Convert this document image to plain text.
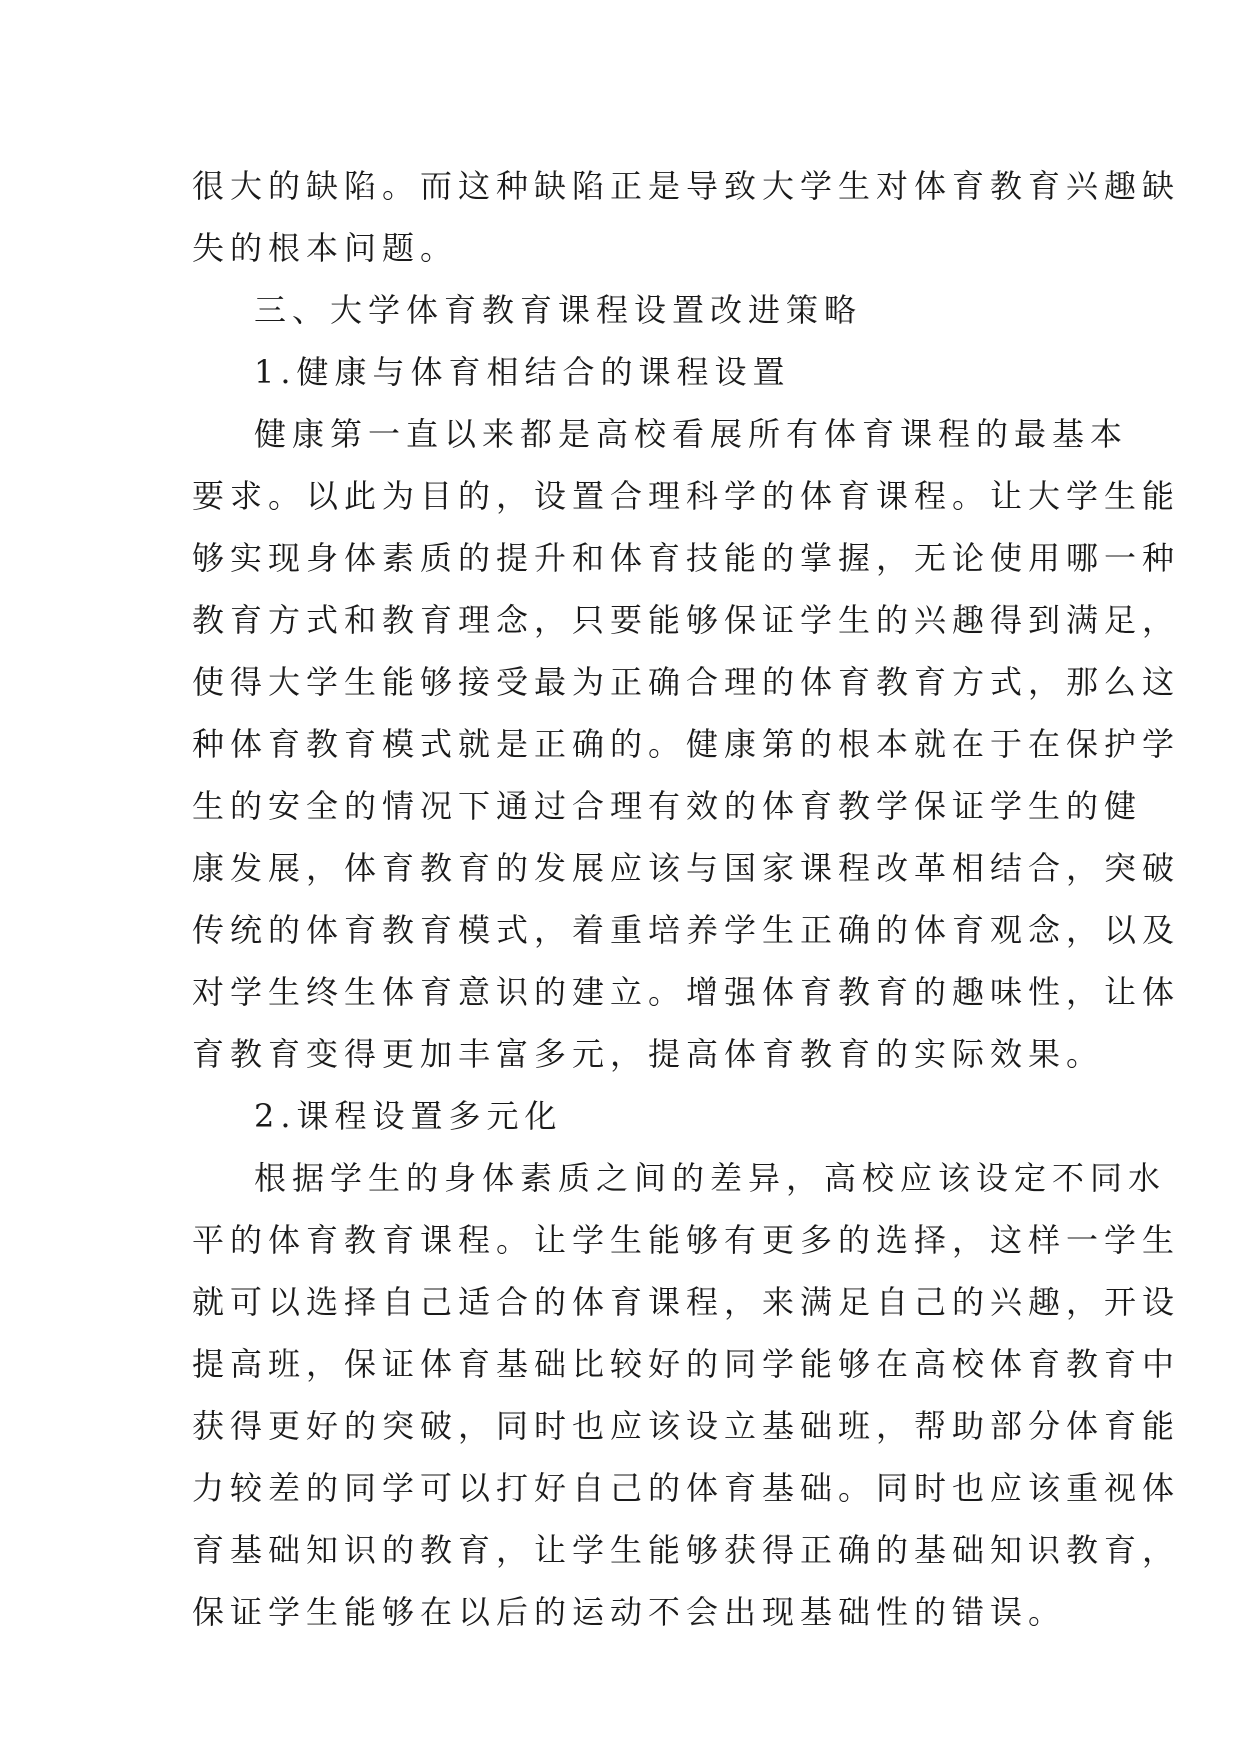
很大的缺陷。而这种缺陷正是导致大学生对体育教育兴趣缺
失的根本问题。
三、大学体育教育课程设置改进策略
1.健康与体育相结合的课程设置
健康第一直以来都是高校看展所有体育课程的最基本
要求。以此为目的，设置合理科学的体育课程。让大学生能
够实现身体素质的提升和体育技能的掌握，无论使用哪一种
教育方式和教育理念，只要能够保证学生的兴趣得到满足，
使得大学生能够接受最为正确合理的体育教育方式，那么这
种体育教育模式就是正确的。健康第的根本就在于在保护学
生的安全的情况下通过合理有效的体育教学保证学生的健
康发展，体育教育的发展应该与国家课程改革相结合，突破
传统的体育教育模式，着重培养学生正确的体育观念，以及
对学生终生体育意识的建立。增强体育教育的趣味性，让体
育教育变得更加丰富多元，提高体育教育的实际效果。
2.课程设置多元化
根据学生的身体素质之间的差异，高校应该设定不同水
平的体育教育课程。让学生能够有更多的选择，这样一学生
就可以选择自己适合的体育课程，来满足自己的兴趣，开设
提高班，保证体育基础比较好的同学能够在高校体育教育中
获得更好的突破，同时也应该设立基础班，帮助部分体育能
力较差的同学可以打好自己的体育基础。同时也应该重视体
育基础知识的教育，让学生能够获得正确的基础知识教育，
保证学生能够在以后的运动不会出现基础性的错误。
